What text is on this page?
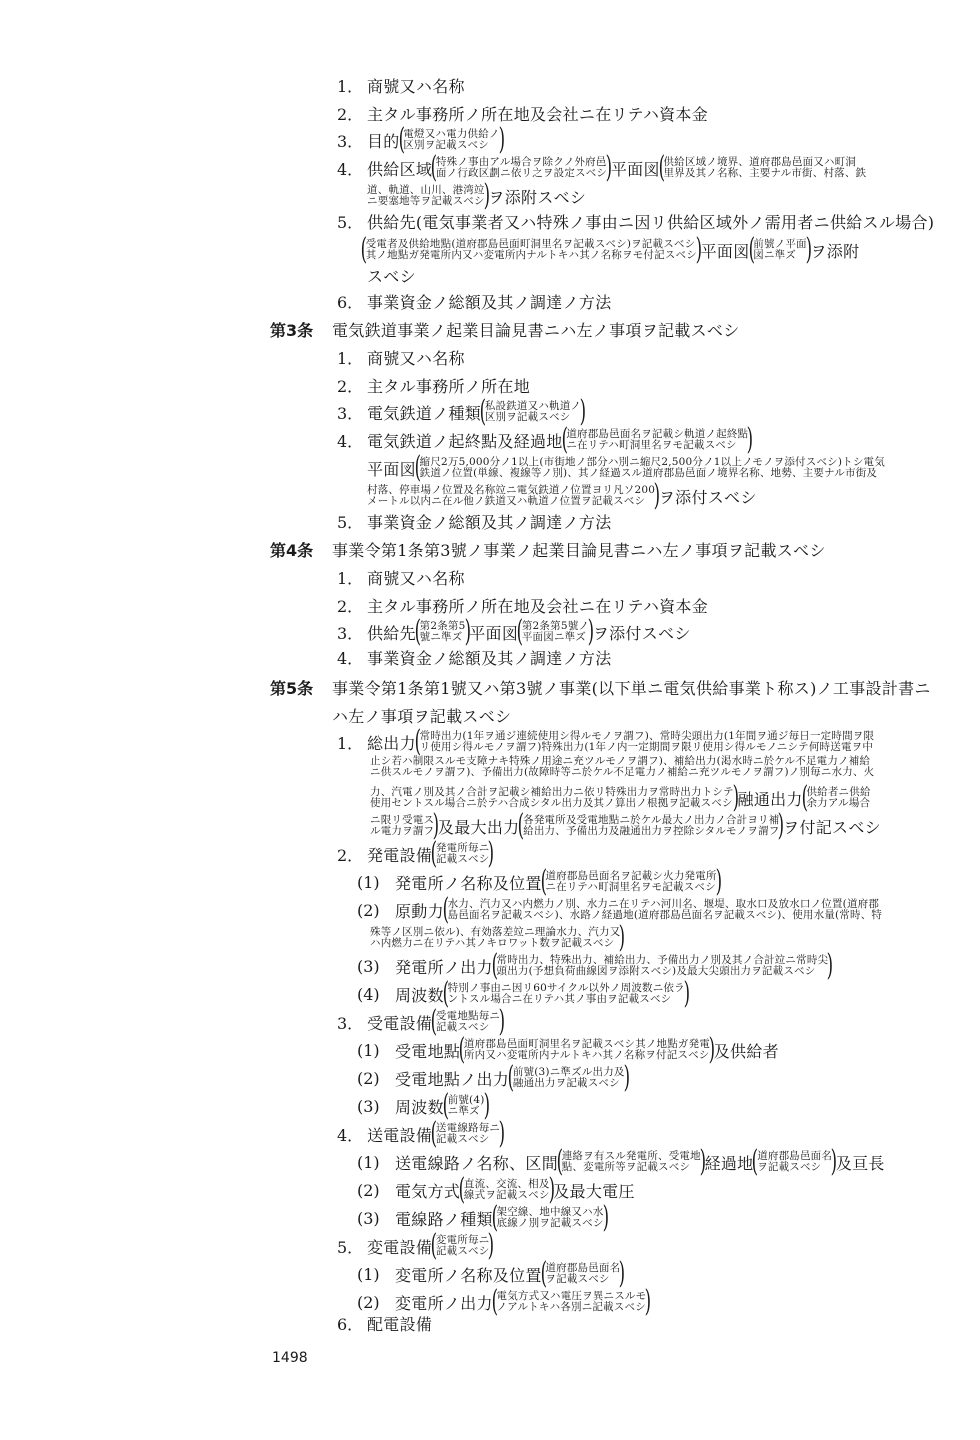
1． 商號又ハ名称
2． 主タル事務所ノ所在地及会社ニ在リテハ資本金
3． 目的
(
電燈又ハ電力供給ノ
区別ヲ記載スベシ )
4． 供給区域
(
特殊ノ事由アル場合ヲ除クノ外府邑
面ノ行政区劃ニ依リ之ヲ設定スベシ
)
平面図
(
供給区域ノ境界、道府郡島邑面又ハ町洞
里界及其ノ名称、主要ナル市街、村落、鉄
道、軌道、山川、港湾竝
ニ要塞地等ヲ記載スベシ
)
ヲ添附スベシ
5． 供給先(電気事業者又ハ特殊ノ事由ニ因リ供給区域外ノ需用者ニ供給スル場合)
(
受電者及供給地點(道府郡島邑面町洞里名ヲ記載スベシ)ヲ記載スベシ
其ノ地點ガ発電所内又ハ変電所内ナルトキハ其ノ名称ヲモ付記スベシ
)
平面図
(
前號ノ平面
図ニ準ズ )
ヲ添附
スベシ
6． 事業資金ノ総額及其ノ調達ノ方法
第3条	電気鉄道事業ノ起業目論見書ニハ左ノ事項ヲ記載スベシ
1． 商號又ハ名称
2． 主タル事務所ノ所在地
3． 電気鉄道ノ種類
(
私設鉄道又ハ軌道ノ
区別ヲ記載スベシ )
4． 電気鉄道ノ起終點及経過地
(
道府郡島邑面名ヲ記載シ軌道ノ起終點
ニ在リテハ町洞里名ヲモ記載スベシ )
平面図
(
縮尺2万5,000分ノ1以上(市街地ノ部分ハ別ニ縮尺2,500分ノ1以上ノモノヲ添付スベシ)トシ電気
鉄道ノ位置(単線、複線等ノ別)、其ノ経過スル道府郡島邑面ノ境界名称、地勢、主要ナル市街及
村落、停車場ノ位置及名称竝ニ電気鉄道ノ位置ヨリ凡ソ200
メートル以内ニ在ル他ノ鉄道又ハ軌道ノ位置ヲ記載スベシ )
ヲ添付スベシ
5． 事業資金ノ総額及其ノ調達ノ方法
第4条	事業令第1条第3號ノ事業ノ起業目論見書ニハ左ノ事項ヲ記載スベシ
1． 商號又ハ名称
2． 主タル事務所ノ所在地及会社ニ在リテハ資本金
3． 供給先
(
第2条第5
號ニ準ズ )
平面図
(
第2条第5號ノ
平面図ニ準ズ )
ヲ添付スベシ
4． 事業資金ノ総額及其ノ調達ノ方法
第5条	事業令第1条第1號又ハ第3號ノ事業(以下単ニ電気供給事業ト称ス)ノ工事設計書ニ
ハ左ノ事項ヲ記載スベシ
1． 総出力
(
常時出力(1年ヲ通ジ連続使用シ得ルモノヲ謂フ)、常時尖頭出力(1年間ヲ通ジ毎日一定時間ヲ限
リ使用シ得ルモノヲ謂フ)特殊出力(1年ノ内一定期間ヲ限リ使用シ得ルモノニシテ何時送電ヲ中
止シ若ハ制限スルモ支障ナキ特殊ノ用途ニ充ツルモノヲ謂フ)、補給出力(渇水時ニ於ケル不足電力ノ補給
ニ供スルモノヲ謂フ)、予備出力(故障時等ニ於ケル不足電力ノ補給ニ充ツルモノヲ謂フ)ノ別毎ニ水力、火
力、汽電ノ別及其ノ合計ヲ記載シ補給出力ニ依リ特殊出力ヲ常時出力トシテ
使用セントスル場合ニ於テハ合成シタル出力及其ノ算出ノ根拠ヲ記載スベシ )
融通出力
(
供給者ニ供給
余力アル場合
ニ限リ受電ス
ル電力ヲ謂フ
)
及最大出力
(
各発電所及受電地點ニ於ケル最大ノ出力ノ合計ヨリ補
給出力、予備出力及融通出力ヲ控除シタルモノヲ謂フ
)
ヲ付記スベシ
2． 発電設備
(
発電所毎ニ
記載スベシ
)
(1) 発電所ノ名称及位置
(
道府郡島邑面名ヲ記載シ火力発電所
ニ在リテハ町洞里名ヲモ記載スベシ )
(2) 原動力
(
水力、汽力又ハ内燃力ノ別、水力ニ在リテハ河川名、堰堤、取水口及放水口ノ位置(道府郡
島邑面名ヲ記載スベシ)、水路ノ経過地(道府郡島邑面名ヲ記載スベシ)、使用水量(常時、特
殊等ノ区別ニ依ル)、有効落差竝ニ理論水力、汽力又
ハ内燃力ニ在リテハ其ノキロワット数ヲ記載スベシ )
(3) 発電所ノ出力
(
常時出力、特殊出力、補給出力、予備出力ノ別及其ノ合計竝ニ常時尖
頭出力(予想負荷曲線図ヲ添附スベシ)及最大尖頭出力ヲ記載スベシ )
(4) 周波数
(
特別ノ事由ニ因リ60サイクル以外ノ周波数ニ依ラ
ントスル場合ニ在リテハ其ノ事由ヲ記載スベシ )
3． 受電設備
(
受電地點毎ニ
記載スベシ )
(1) 受電地點
(
道府郡島邑面町洞里名ヲ記載スベシ其ノ地點ガ発電
所内又ハ変電所内ナルトキハ其ノ名称ヲ付記スベシ )
及供給者
(2) 受電地點ノ出力
(
前號(3)ニ準ズル出力及
融通出力ヲ記載スベシ )
(3) 周波数
(
前號(4)
ニ準ズ )
4． 送電設備
(
送電線路毎ニ
記載スベシ )
(1) 送電線路ノ名称、区間
(
連絡ヲ有スル発電所、受電地
點、変電所等ヲ記載スベシ )
経過地
(
道府郡島邑面名
ヲ記載スベシ )
及亘長
(2) 電気方式
(
直流、交流、相及
線式ヲ記載スベシ
)
及最大電圧
(3) 電線路ノ種類
(
架空線、地中線又ハ水
底線ノ別ヲ記載スベシ
)
5． 変電設備
(
変電所毎ニ
記載スベシ
)
(1) 変電所ノ名称及位置
(
道府郡島邑面名
ヲ記載スベシ )
(2) 変電所ノ出力
(
電気方式又ハ電圧ヲ異ニスルモ
ノアルトキハ各別ニ記載スベシ )
6． 配電設備
1498
